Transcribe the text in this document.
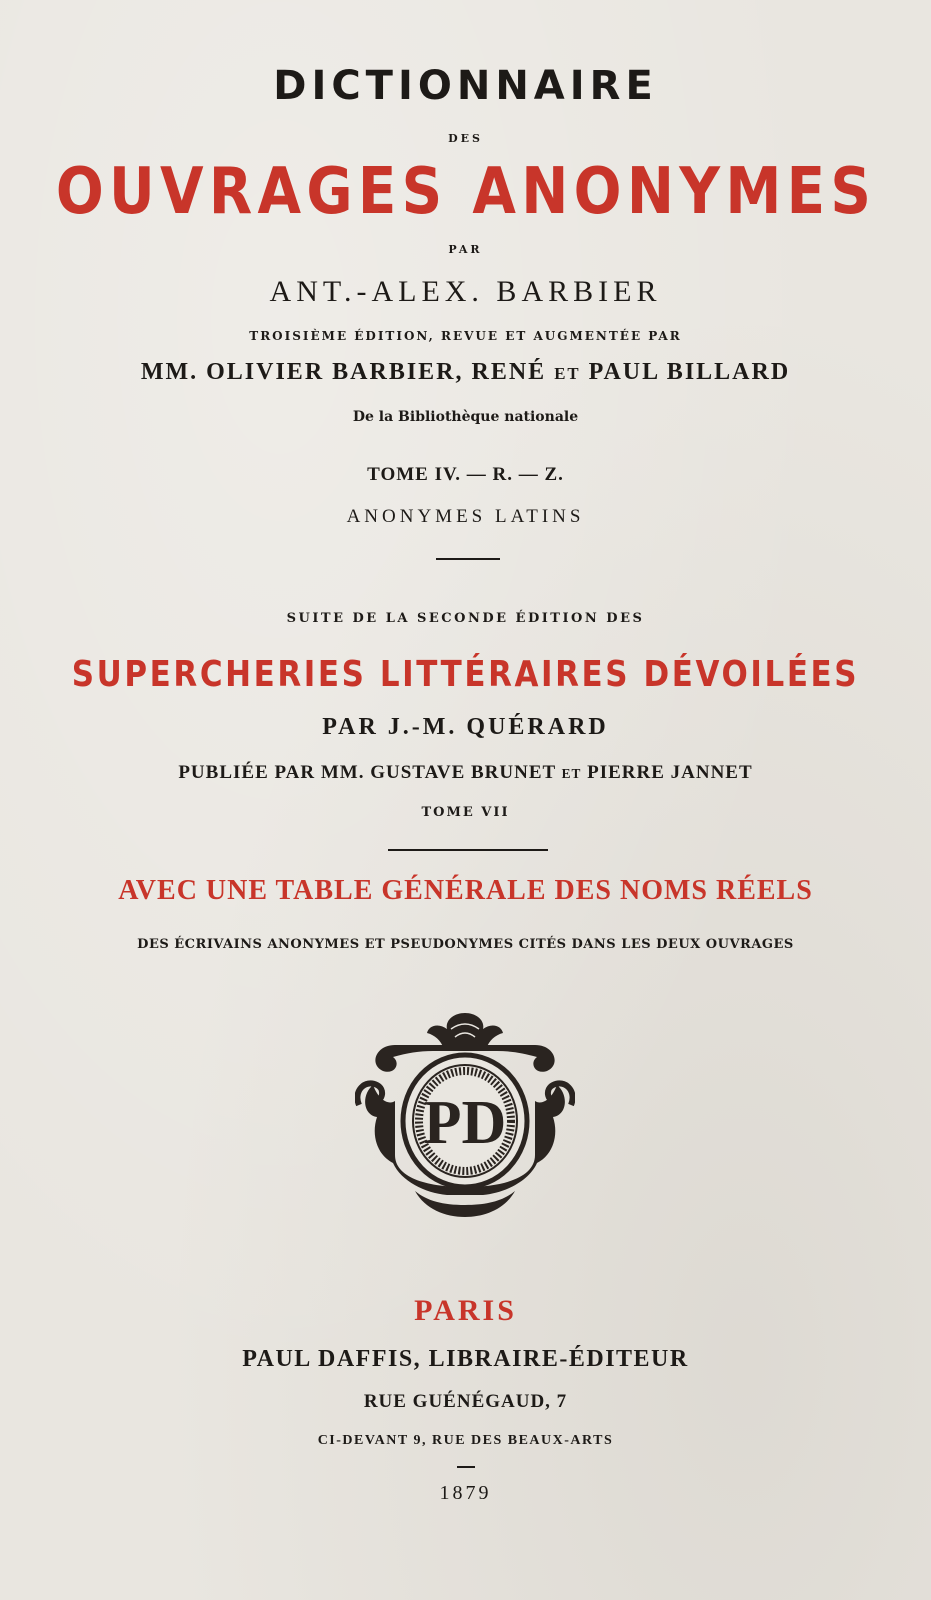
DICTIONNAIRE

DES

OUVRAGES ANONYMES

PAR

ANT.-ALEX. BARBIER

TROISIÈME ÉDITION, REVUE ET AUGMENTÉE PAR

MM. OLIVIER BARBIER, RENÉ ET PAUL BILLARD

De la Bibliothèque nationale

TOME IV. — R. — Z.

ANONYMES LATINS

SUITE DE LA SECONDE ÉDITION DES

SUPERCHERIES LITTÉRAIRES DÉVOILÉES

PAR J.-M. QUÉRARD

PUBLIÉE PAR MM. GUSTAVE BRUNET ET PIERRE JANNET

TOME VII

AVEC UNE TABLE GÉNÉRALE DES NOMS RÉELS

DES ÉCRIVAINS ANONYMES ET PSEUDONYMES CITÉS DANS LES DEUX OUVRAGES

PD

PARIS

PAUL DAFFIS, LIBRAIRE-ÉDITEUR

RUE GUÉNÉGAUD, 7

CI-DEVANT 9, RUE DES BEAUX-ARTS

1879
